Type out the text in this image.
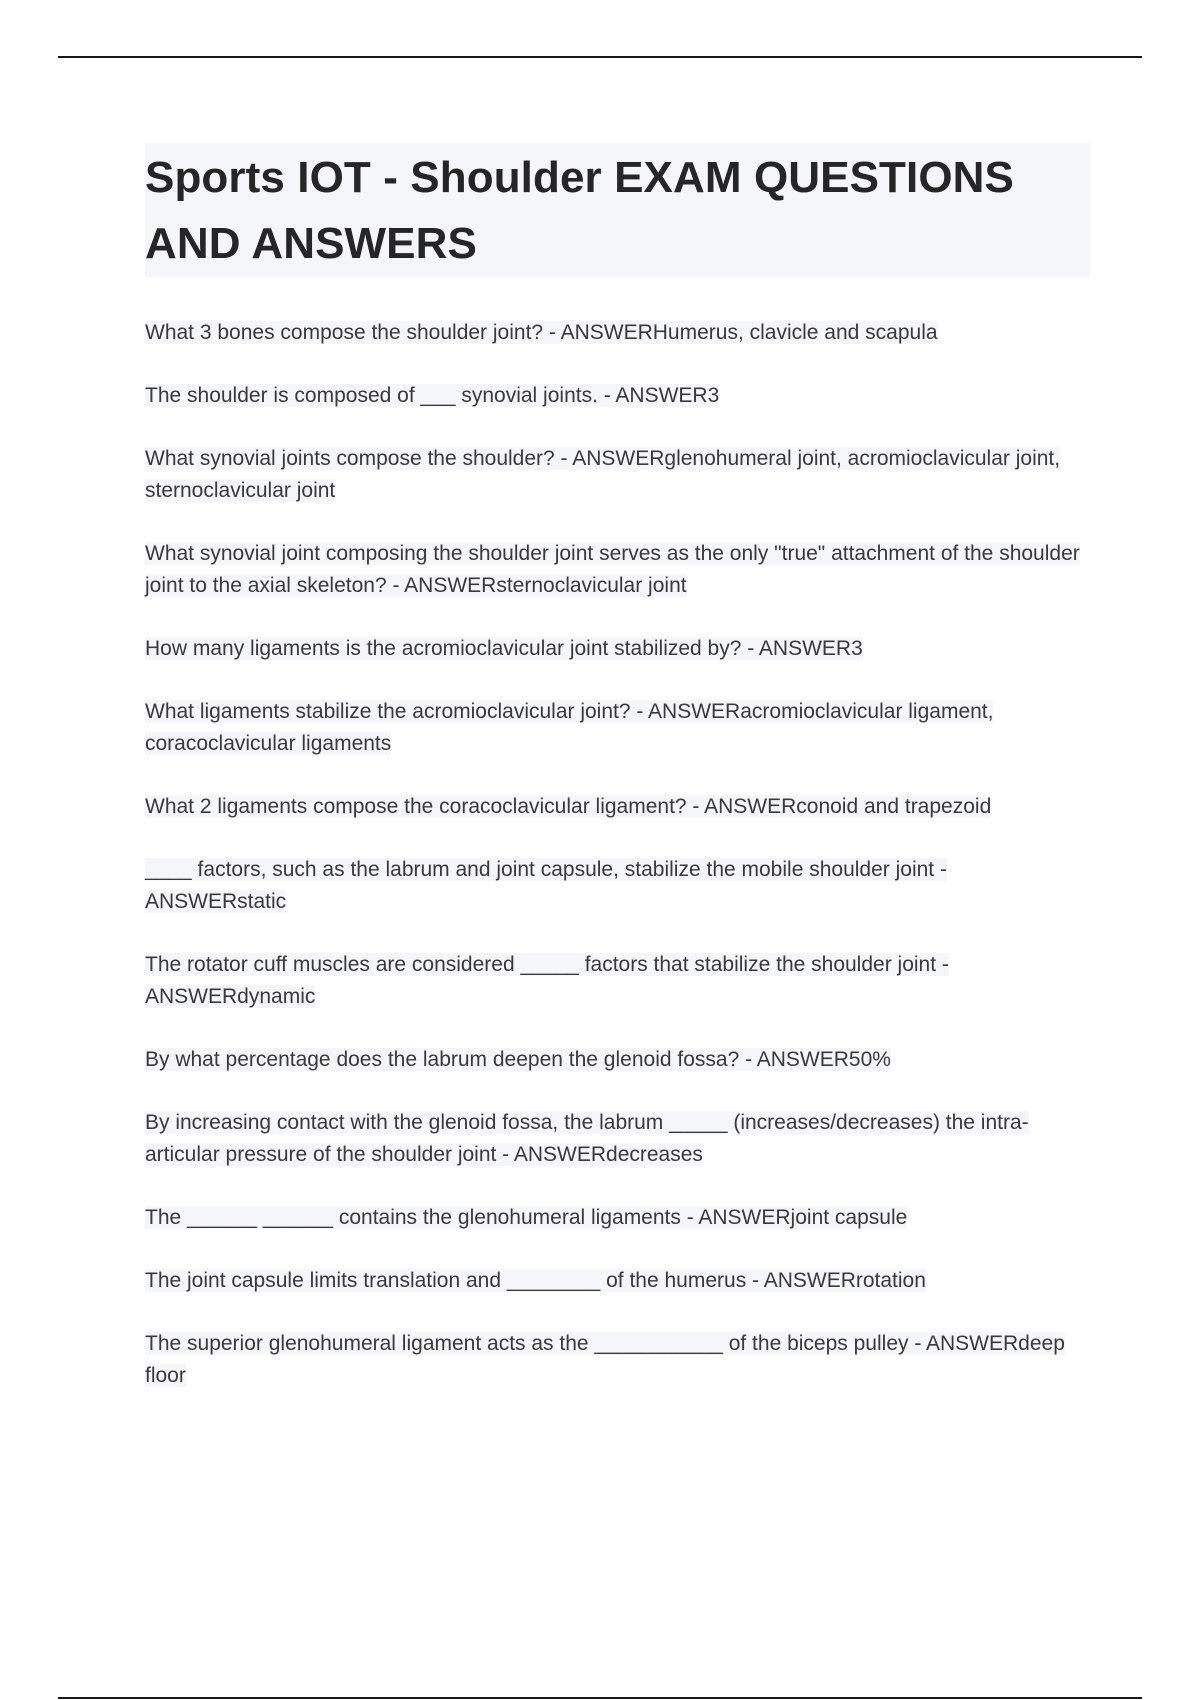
Sports IOT - Shoulder EXAM QUESTIONS AND ANSWERS

What 3 bones compose the shoulder joint? - ANSWERHumerus, clavicle and scapula

The shoulder is composed of ___ synovial joints. - ANSWER3

What synovial joints compose the shoulder? - ANSWERglenohumeral joint, acromioclavicular joint, sternoclavicular joint

What synovial joint composing the shoulder joint serves as the only "true" attachment of the shoulder joint to the axial skeleton? - ANSWERsternoclavicular joint

How many ligaments is the acromioclavicular joint stabilized by? - ANSWER3

What ligaments stabilize the acromioclavicular joint? - ANSWERacromioclavicular ligament, coracoclavicular ligaments

What 2 ligaments compose the coracoclavicular ligament? - ANSWERconoid and trapezoid

____ factors, such as the labrum and joint capsule, stabilize the mobile shoulder joint - ANSWERstatic

The rotator cuff muscles are considered _____ factors that stabilize the shoulder joint - ANSWERdynamic

By what percentage does the labrum deepen the glenoid fossa? - ANSWER50%

By increasing contact with the glenoid fossa, the labrum _____ (increases/decreases) the intra-articular pressure of the shoulder joint - ANSWERdecreases

The ______ ______ contains the glenohumeral ligaments - ANSWERjoint capsule

The joint capsule limits translation and ________ of the humerus - ANSWERrotation

The superior glenohumeral ligament acts as the ___________ of the biceps pulley - ANSWERdeep floor
